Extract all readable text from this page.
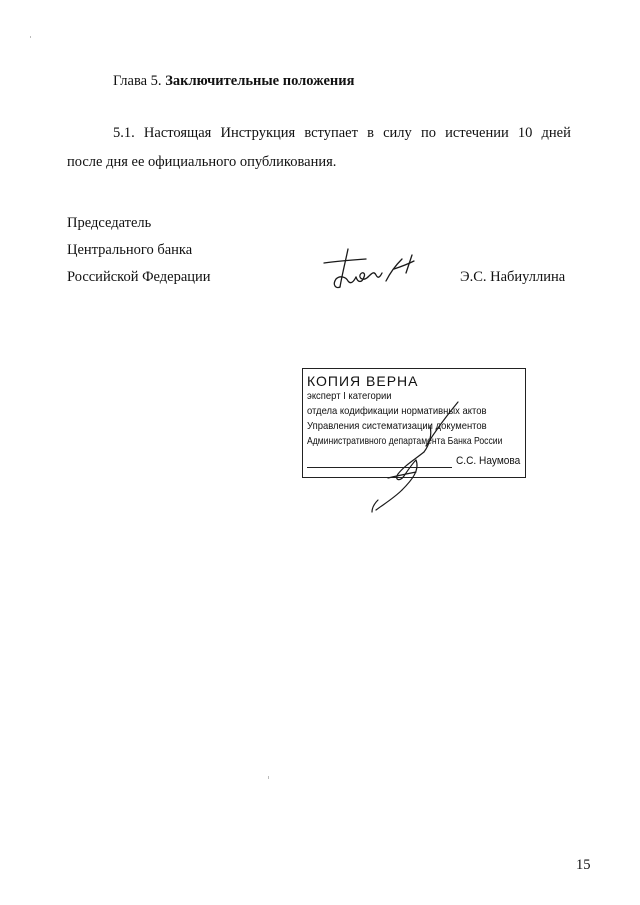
Глава 5. Заключительные положения
5.1. Настоящая Инструкция вступает в силу по истечении 10 дней
после дня ее официального опубликования.
Председатель
Центрального банка
Российской Федерации	Э.С. Набиуллина
КОПИЯ ВЕРНА
эксперт I категории
отдела кодификации нормативных актов
Управления систематизации документов
Административного департамента Банка России
С.С. Наумова
15
